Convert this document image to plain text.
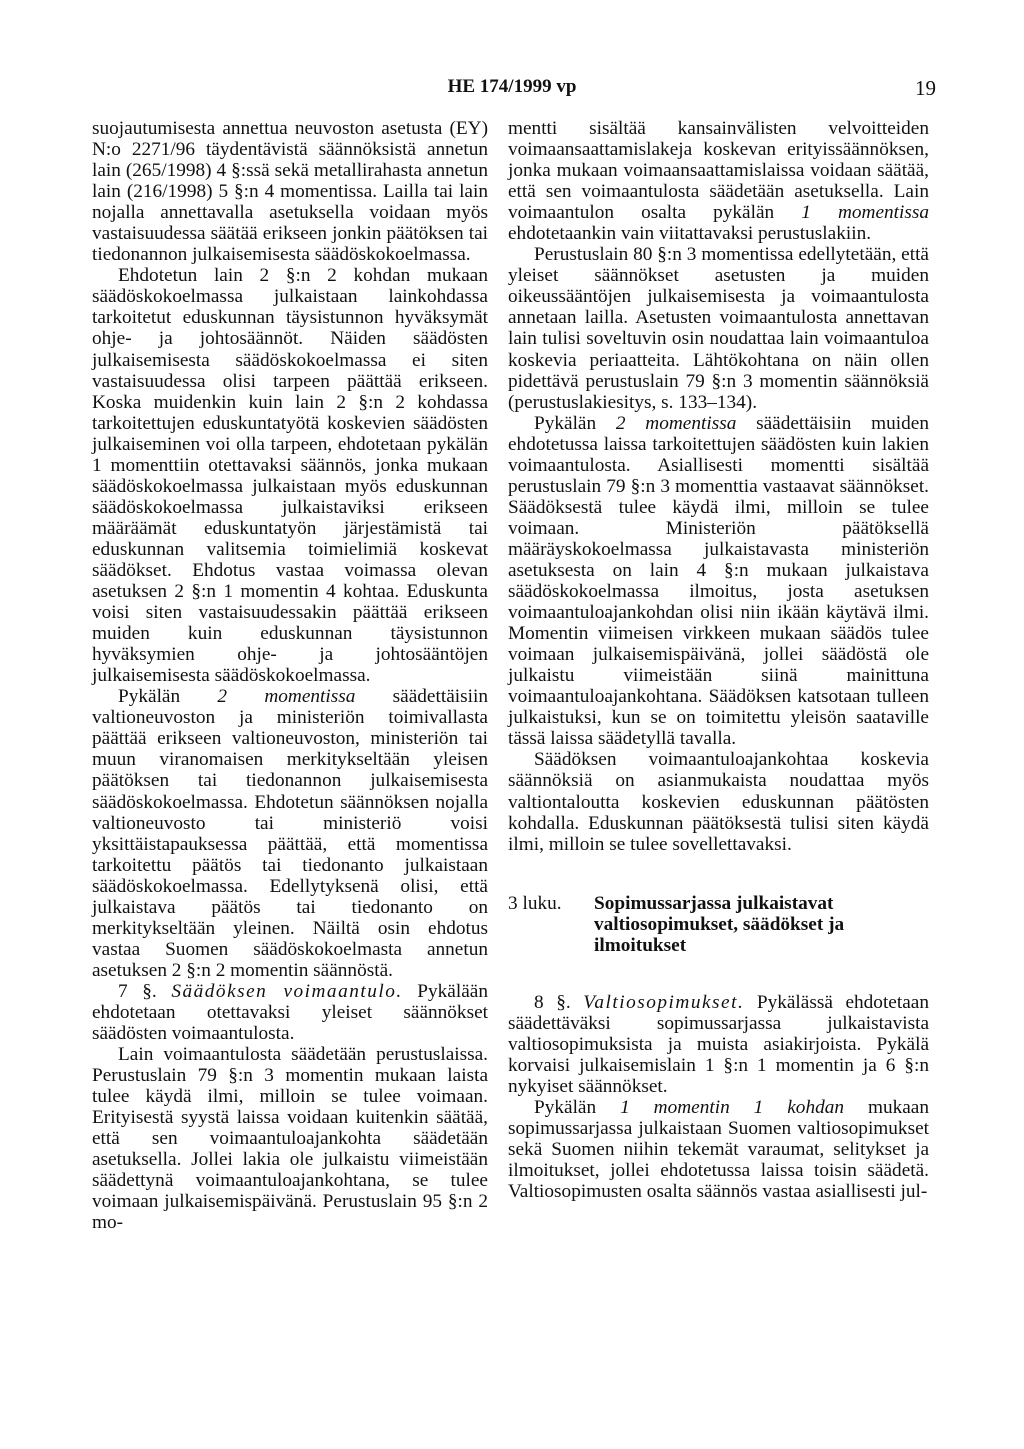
HE 174/1999 vp	19

suojautumisesta annettua neuvoston asetusta (EY) N:o 2271/96 täydentävistä säännöksistä annetun lain (265/1998) 4 §:ssä sekä metallirahasta annetun lain (216/1998) 5 §:n 4 momentissa. Lailla tai lain nojalla annettavalla asetuksella voidaan myös vastaisuudessa säätää erikseen jonkin päätöksen tai tiedonannon julkaisemisesta säädöskokoelmassa.

Ehdotetun lain 2 §:n 2 kohdan mukaan säädöskokoelmassa julkaistaan lainkohdassa tarkoitetut eduskunnan täysistunnon hyväksymät ohje- ja johtosäännöt. Näiden säädösten julkaisemisesta säädöskokoelmassa ei siten vastaisuudessa olisi tarpeen päättää erikseen. Koska muidenkin kuin lain 2 §:n 2 kohdassa tarkoitettujen eduskuntatyötä koskevien säädösten julkaiseminen voi olla tarpeen, ehdotetaan pykälän 1 momenttiin otettavaksi säännös, jonka mukaan säädöskokoelmassa julkaistaan myös eduskunnan säädöskokoelmassa julkaistaviksi erikseen määräämät eduskuntatyön järjestämistä tai eduskunnan valitsemia toimielimiä koskevat säädökset. Ehdotus vastaa voimassa olevan asetuksen 2 §:n 1 momentin 4 kohtaa. Eduskunta voisi siten vastaisuudessakin päättää erikseen muiden kuin eduskunnan täysistunnon hyväksymien ohje- ja johtosääntöjen julkaisemisesta säädöskokoelmassa.

Pykälän 2 momentissa säädettäisiin valtioneuvoston ja ministeriön toimivallasta päättää erikseen valtioneuvoston, ministeriön tai muun viranomaisen merkitykseltään yleisen päätöksen tai tiedonannon julkaisemisesta säädöskokoelmassa. Ehdotetun säännöksen nojalla valtioneuvosto tai ministeriö voisi yksittäistapauksessa päättää, että momentissa tarkoitettu päätös tai tiedonanto julkaistaan säädöskokoelmassa. Edellytyksenä olisi, että julkaistava päätös tai tiedonanto on merkitykseltään yleinen. Näiltä osin ehdotus vastaa Suomen säädöskokoelmasta annetun asetuksen 2 §:n 2 momentin säännöstä.

7 §. Säädöksen voimaantulo. Pykälään ehdotetaan otettavaksi yleiset säännökset säädösten voimaantulosta.

Lain voimaantulosta säädetään perustuslaissa. Perustuslain 79 §:n 3 momentin mukaan laista tulee käydä ilmi, milloin se tulee voimaan. Erityisestä syystä laissa voidaan kuitenkin säätää, että sen voimaantuloajankohta säädetään asetuksella. Jollei lakia ole julkaistu viimeistään säädettynä voimaantuloajankohtana, se tulee voimaan julkaisemispäivänä. Perustuslain 95 §:n 2 mo-

mentti sisältää kansainvälisten velvoitteiden voimaansaattamislakeja koskevan erityissäännöksen, jonka mukaan voimaansaattamislaissa voidaan säätää, että sen voimaantulosta säädetään asetuksella. Lain voimaantulon osalta pykälän 1 momentissa ehdotetaankin vain viitattavaksi perustuslakiin.

Perustuslain 80 §:n 3 momentissa edellytetään, että yleiset säännökset asetusten ja muiden oikeussääntöjen julkaisemisesta ja voimaantulosta annetaan lailla. Asetusten voimaantulosta annettavan lain tulisi soveltuvin osin noudattaa lain voimaantuloa koskevia periaatteita. Lähtökohtana on näin ollen pidettävä perustuslain 79 §:n 3 momentin säännöksiä (perustuslakiesitys, s. 133–134).

Pykälän 2 momentissa säädettäisiin muiden ehdotetussa laissa tarkoitettujen säädösten kuin lakien voimaantulosta. Asiallisesti momentti sisältää perustuslain 79 §:n 3 momenttia vastaavat säännökset. Säädöksestä tulee käydä ilmi, milloin se tulee voimaan. Ministeriön päätöksellä määräyskokoelmassa julkaistavasta ministeriön asetuksesta on lain 4 §:n mukaan julkaistava säädöskokoelmassa ilmoitus, josta asetuksen voimaantuloajankohdan olisi niin ikään käytävä ilmi. Momentin viimeisen virkkeen mukaan säädös tulee voimaan julkaisemispäivänä, jollei säädöstä ole julkaistu viimeistään siinä mainittuna voimaantuloajankohtana. Säädöksen katsotaan tulleen julkaistuksi, kun se on toimitettu yleisön saataville tässä laissa säädetyllä tavalla.

Säädöksen voimaantuloajankohtaa koskevia säännöksiä on asianmukaista noudattaa myös valtiontaloutta koskevien eduskunnan päätösten kohdalla. Eduskunnan päätöksestä tulisi siten käydä ilmi, milloin se tulee sovellettavaksi.

3 luku.	Sopimussarjassa julkaistavat valtiosopimukset, säädökset ja ilmoitukset

8 §. Valtiosopimukset. Pykälässä ehdotetaan säädettäväksi sopimussarjassa julkaistavista valtiosopimuksista ja muista asiakirjoista. Pykälä korvaisi julkaisemislain 1 §:n 1 momentin ja 6 §:n nykyiset säännökset.

Pykälän 1 momentin 1 kohdan mukaan sopimussarjassa julkaistaan Suomen valtiosopimukset sekä Suomen niihin tekemät varaumat, selitykset ja ilmoitukset, jollei ehdotetussa laissa toisin säädetä. Valtiosopimusten osalta säännös vastaa asiallisesti jul-
